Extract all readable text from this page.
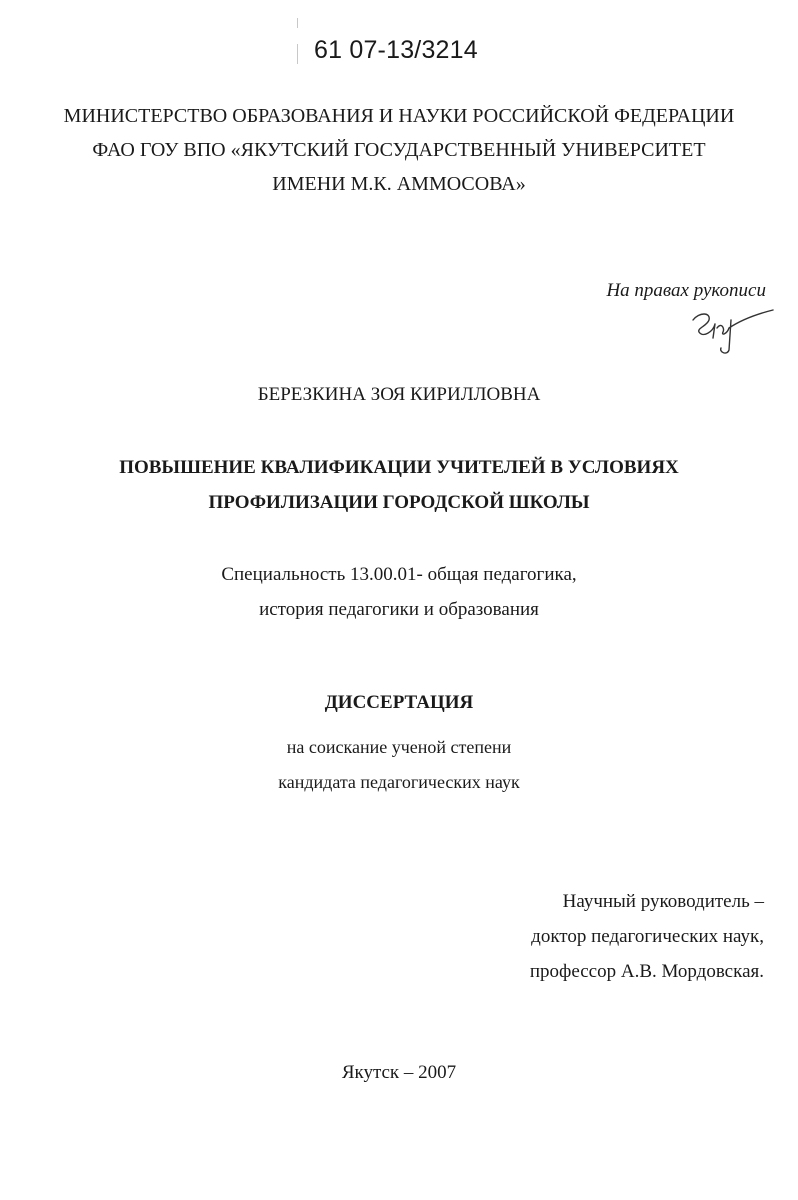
61 07-13/3214
МИНИСТЕРСТВО ОБРАЗОВАНИЯ И НАУКИ РОССИЙСКОЙ ФЕДЕРАЦИИ
ФАО ГОУ ВПО «ЯКУТСКИЙ ГОСУДАРСТВЕННЫЙ УНИВЕРСИТЕТ
ИМЕНИ М.К. АММОСОВА»
На правах рукописи
БЕРЕЗКИНА ЗОЯ КИРИЛЛОВНА
ПОВЫШЕНИЕ КВАЛИФИКАЦИИ УЧИТЕЛЕЙ В УСЛОВИЯХ
ПРОФИЛИЗАЦИИ ГОРОДСКОЙ ШКОЛЫ
Специальность 13.00.01- общая педагогика,
история педагогики и образования
ДИССЕРТАЦИЯ
на соискание ученой степени
кандидата педагогических наук
Научный руководитель –
доктор педагогических наук,
профессор А.В. Мордовская.
Якутск – 2007
